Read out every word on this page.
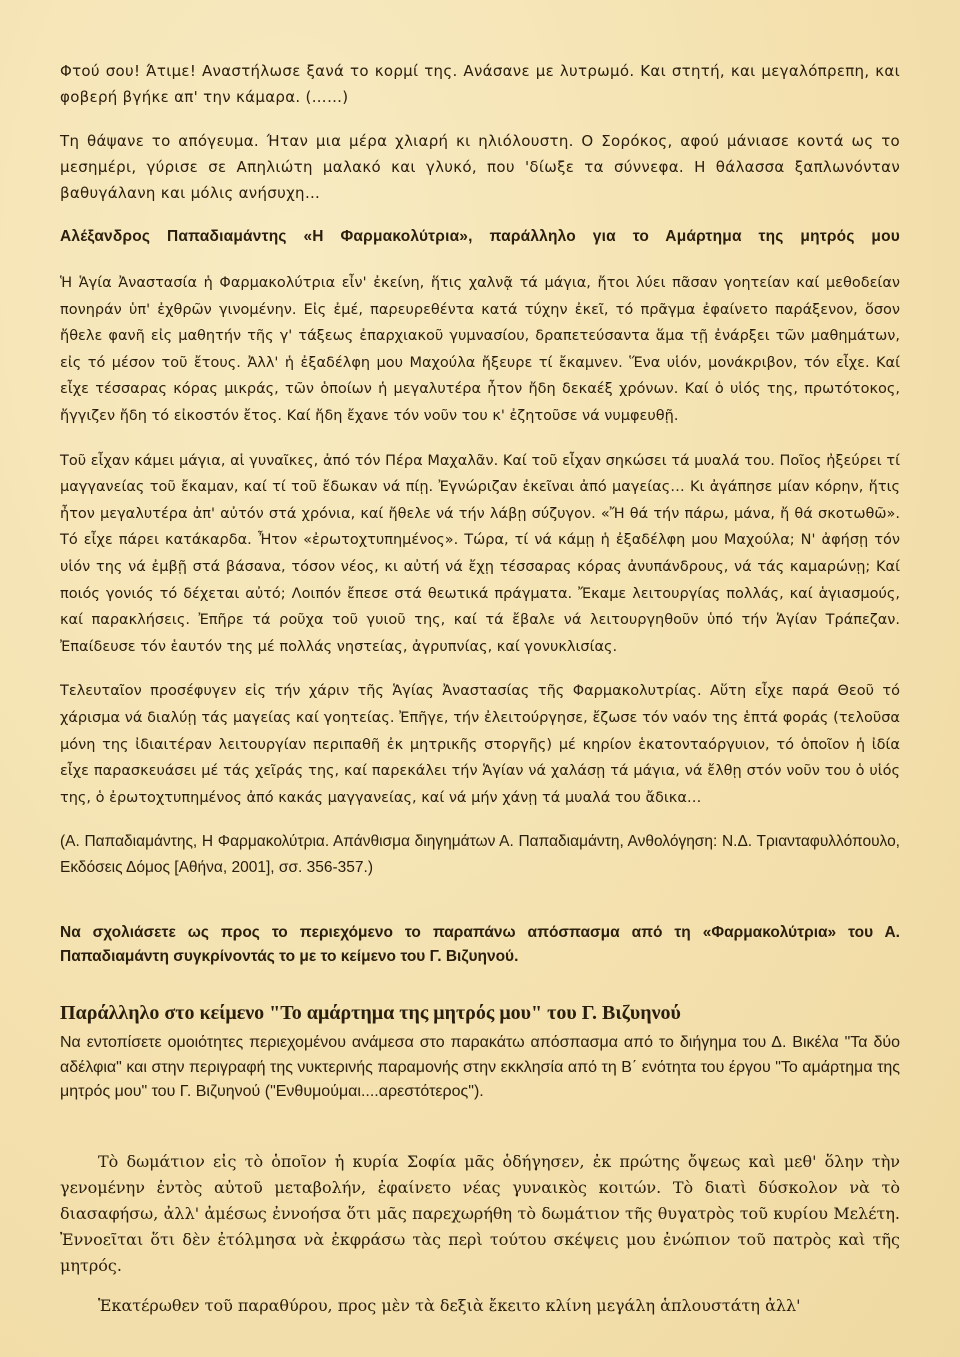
Φτού σου! Άτιμε! Αναστήλωσε ξανά το κορμί της. Ανάσανε με λυτρωμό. Και στητή, και μεγαλόπρεπη, και φοβερή βγήκε απ' την κάμαρα. (……)

Τη θάψανε το απόγευμα. Ήταν μια μέρα χλιαρή κι ηλιόλουστη. Ο Σορόκος, αφού μάνιασε κοντά ως το μεσημέρι, γύρισε σε Απηλιώτη μαλακό και γλυκό, που 'δίωξε τα σύννεφα. Η θάλασσα ξαπλωνόνταν βαθυγάλανη και μόλις ανήσυχη…

Αλέξανδρος Παπαδιαμάντης «Η Φαρμακολύτρια», παράλληλο για το Αμάρτημα της μητρός μου

Ἡ Ἁγία Ἀναστασία ἡ Φαρμακολύτρια εἶν' ἐκείνη, ἥτις χαλνᾷ τά μάγια, ἤτοι λύει πᾶσαν γοητείαν καί μεθοδείαν πονηράν ὑπ' ἐχθρῶν γινομένην. Εἰς ἐμέ, παρευρεθέντα κατά τύχην ἐκεῖ, τό πρᾶγμα ἐφαίνετο παράξενον, ὅσον ἤθελε φανῆ εἰς μαθητήν τῆς γ' τάξεως ἐπαρχιακοῦ γυμνασίου, δραπετεύσαντα ἅμα τῇ ἐνάρξει τῶν μαθημάτων, εἰς τό μέσον τοῦ ἔτους. Ἀλλ' ἡ ἐξαδέλφη μου Μαχούλα ἤξευρε τί ἔκαμνεν. Ἕνα υἱόν, μονάκριβον, τόν εἶχε. Καί εἶχε τέσσαρας κόρας μικράς, τῶν ὁποίων ἡ μεγαλυτέρα ἦτον ἤδη δεκαέξ χρόνων. Καί ὁ υἱός της, πρωτότοκος, ἤγγιζεν ἤδη τό εἰκοστόν ἔτος. Καί ἤδη ἔχανε τόν νοῦν του κ' ἐζητοῦσε νά νυμφευθῇ.

Τοῦ εἶχαν κάμει μάγια, αἱ γυναῖκες, ἀπό τόν Πέρα Μαχαλᾶν. Καί τοῦ εἶχαν σηκώσει τά μυαλά του. Ποῖος ἠξεύρει τί μαγγανείας τοῦ ἔκαμαν, καί τί τοῦ ἔδωκαν νά πίῃ. Ἐγνώριζαν ἐκεῖναι ἀπό μαγείας… Κι ἀγάπησε μίαν κόρην, ἥτις ἦτον μεγαλυτέρα ἀπ' αὐτόν στά χρόνια, καί ἤθελε νά τήν λάβῃ σύζυγον. «Ἤ θά τήν πάρω, μάνα, ἤ θά σκοτωθῶ». Τό εἶχε πάρει κατάκαρδα. Ἦτον «ἐρωτοχτυπημένος». Τώρα, τί νά κάμῃ ἡ ἐξαδέλφη μου Μαχούλα; Ν' ἀφήσῃ τόν υἱόν της νά ἐμβῇ στά βάσανα, τόσον νέος, κι αὐτή νά ἔχῃ τέσσαρας κόρας ἀνυπάνδρους, νά τάς καμαρώνῃ; Καί ποιός γονιός τό δέχεται αὐτό; Λοιπόν ἔπεσε στά θεωτικά πράγματα. Ἔκαμε λειτουργίας πολλάς, καί ἁγιασμούς, καί παρακλήσεις. Ἐπῆρε τά ροῦχα τοῦ γυιοῦ της, καί τά ἔβαλε νά λειτουργηθοῦν ὑπό τήν Ἁγίαν Τράπεζαν. Ἐπαίδευσε τόν ἑαυτόν της μέ πολλάς νηστείας, ἀγρυπνίας, καί γονυκλισίας.

Τελευταῖον προσέφυγεν εἰς τήν χάριν τῆς Ἁγίας Ἀναστασίας τῆς Φαρμακολυτρίας. Αὕτη εἶχε παρά Θεοῦ τό χάρισμα νά διαλύῃ τάς μαγείας καί γοητείας. Ἐπῆγε, τήν ἐλειτούργησε, ἔζωσε τόν ναόν της ἑπτά φοράς (τελοῦσα μόνη της ἰδιαιτέραν λειτουργίαν περιπαθῆ ἐκ μητρικῆς στοργῆς) μέ κηρίον ἑκατονταόργυιον, τό ὁποῖον ἡ ἰδία εἶχε παρασκευάσει μέ τάς χεῖράς της, καί παρεκάλει τήν Ἁγίαν νά χαλάσῃ τά μάγια, νά ἔλθῃ στόν νοῦν του ὁ υἱός της, ὁ ἐρωτοχτυπημένος ἀπό κακάς μαγγανείας, καί νά μήν χάνῃ τά μυαλά του ἄδικα…

(Α. Παπαδιαμάντης, Η Φαρμακολύτρια. Απάνθισμα διηγημάτων Α. Παπαδιαμάντη, Ανθολόγηση: Ν.Δ. Τριανταφυλλόπουλο, Εκδόσεις Δόμος [Αθήνα, 2001], σσ. 356-357.)

Να σχολιάσετε ως προς το περιεχόμενο το παραπάνω απόσπασμα από τη «Φαρμακολύτρια» του Α. Παπαδιαμάντη συγκρίνοντάς το με το κείμενο του Γ. Βιζυηνού.

Παράλληλο στο κείμενο "Το αμάρτημα της μητρός μου" του Γ. Βιζυηνού

Να εντοπίσετε ομοιότητες περιεχομένου ανάμεσα στο παρακάτω απόσπασμα από το διήγημα του Δ. Βικέλα "Τα δύο αδέλφια" και στην περιγραφή της νυκτερινής παραμονής στην εκκλησία από τη Β΄ ενότητα του έργου "Το αμάρτημα της μητρός μου" του Γ. Βιζυηνού ("Ενθυμούμαι....αρεστότερος").

Τὸ δωμάτιον εἰς τὸ ὁποῖον ἡ κυρία Σοφία μᾶς ὁδήγησεν, ἐκ πρώτης ὄψεως καὶ μεθ' ὅλην τὴν γενομένην ἐντὸς αὐτοῦ μεταβολήν, ἐφαίνετο νέας γυναικὸς κοιτών. Τὸ διατὶ δύσκολον νὰ τὸ διασαφήσω, ἀλλ' ἀμέσως ἐννοήσα ὅτι μᾶς παρεχωρήθη τὸ δωμάτιον τῆς θυγατρὸς τοῦ κυρίου Μελέτη. Ἐννοεῖται ὅτι δὲν ἐτόλμησα νὰ ἐκφράσω τὰς περὶ τούτου σκέψεις μου ἐνώπιον τοῦ πατρὸς καὶ τῆς μητρός.

Ἑκατέρωθεν τοῦ παραθύρου, προς μὲν τὰ δεξιὰ ἔκειτο κλίνη μεγάλη ἁπλουστάτη ἀλλ'
